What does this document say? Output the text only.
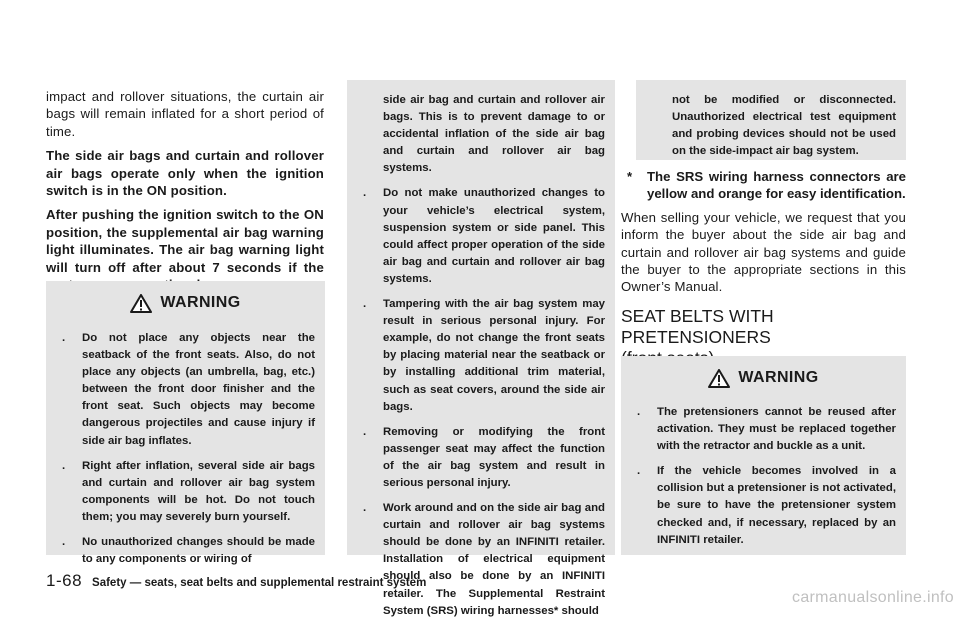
impact and rollover situations, the curtain air bags will remain inflated for a short period of time.

The side air bags and curtain and rollover air bags operate only when the ignition switch is in the ON position.

After pushing the ignition switch to the ON position, the supplemental air bag warning light illuminates. The air bag warning light will turn off after about 7 seconds if the

WARNING
.	Do not place any objects near the seatback of the front seats. Also, do not place any objects (an umbrella, bag, etc.) between the front door finisher and the front seat. Such objects may become dangerous projectiles and cause injury if side air bag inflates.
.	Right after inflation, several side air bags and curtain and rollover air bag system components will be hot. Do not touch them; you may severely burn yourself.
.	No unauthorized changes should be made to any components or wiring of
side air bag and curtain and rollover air bags. This is to prevent damage to or accidental inflation of the side air bag and curtain and rollover air bag systems.
.	Do not make unauthorized changes to your vehicle’s electrical system, suspension system or side panel. This could affect proper operation of the side air bag and curtain and rollover air bag systems.
.	Tampering with the air bag system may result in serious personal injury. For example, do not change the front seats by placing material near the seatback or by installing additional trim material, such as seat covers, around the side air bags.
.	Removing or modifying the front passenger seat may affect the function of the air bag system and result in serious personal injury.
.	Work around and on the side air bag and curtain and rollover air bag systems should be done by an INFINITI retailer. Installation of electrical equipment should also be done by an INFINITI retailer. The Supplemental Restraint System (SRS) wiring harnesses* should
not be modified or disconnected. Unauthorized electrical test equipment and probing devices should not be used on the side-impact air bag system.
*	The SRS wiring harness connectors are yellow and orange for easy identification.

When selling your vehicle, we request that you inform the buyer about the side air bag and curtain and rollover air bag systems and guide the buyer to the appropriate sections in this Owner’s Manual.

SEAT BELTS WITH PRETENSIONERS
WARNING
.	The pretensioners cannot be reused after activation. They must be replaced together with the retractor and buckle as a unit.
.	If the vehicle becomes involved in a collision but a pretensioner is not activated, be sure to have the pretensioner system checked and, if necessary, replaced by an INFINITI retailer.
1-68 Safety — seats, seat belts and supplemental restraint system
carmanualsonline.info
